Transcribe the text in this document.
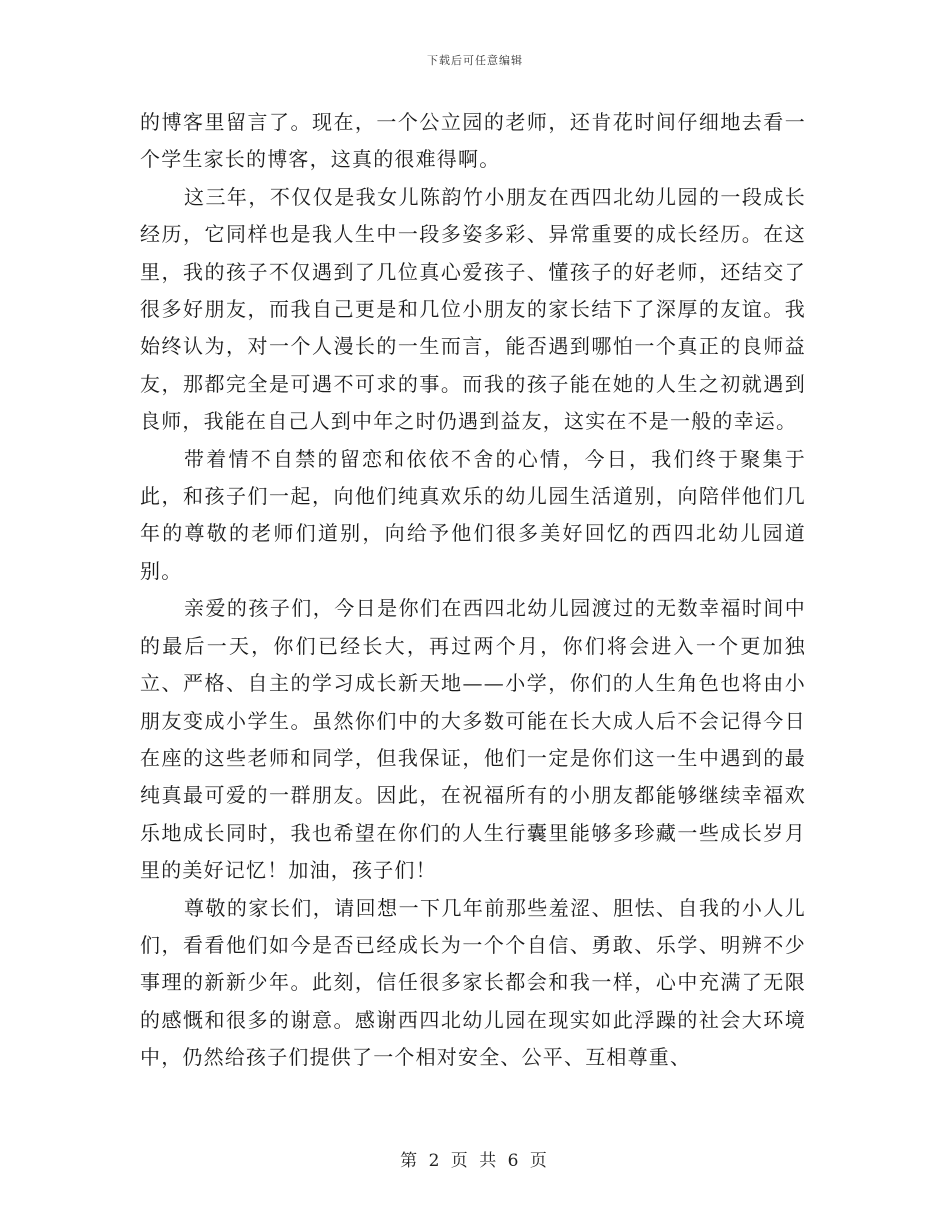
下载后可任意编辑

的博客里留言了。现在，一个公立园的老师，还肯花时间仔细地去看一个学生家长的博客，这真的很难得啊。

这三年，不仅仅是我女儿陈韵竹小朋友在西四北幼儿园的一段成长经历，它同样也是我人生中一段多姿多彩、异常重要的成长经历。在这里，我的孩子不仅遇到了几位真心爱孩子、懂孩子的好老师，还结交了很多好朋友，而我自己更是和几位小朋友的家长结下了深厚的友谊。我始终认为，对一个人漫长的一生而言，能否遇到哪怕一个真正的良师益友，那都完全是可遇不可求的事。而我的孩子能在她的人生之初就遇到良师，我能在自己人到中年之时仍遇到益友，这实在不是一般的幸运。

带着情不自禁的留恋和依依不舍的心情，今日，我们终于聚集于此，和孩子们一起，向他们纯真欢乐的幼儿园生活道别，向陪伴他们几年的尊敬的老师们道别，向给予他们很多美好回忆的西四北幼儿园道别。

亲爱的孩子们，今日是你们在西四北幼儿园渡过的无数幸福时间中的最后一天，你们已经长大，再过两个月，你们将会进入一个更加独立、严格、自主的学习成长新天地——小学，你们的人生角色也将由小朋友变成小学生。虽然你们中的大多数可能在长大成人后不会记得今日在座的这些老师和同学，但我保证，他们一定是你们这一生中遇到的最纯真最可爱的一群朋友。因此，在祝福所有的小朋友都能够继续幸福欢乐地成长同时，我也希望在你们的人生行囊里能够多珍藏一些成长岁月里的美好记忆！加油，孩子们！

尊敬的家长们，请回想一下几年前那些羞涩、胆怯、自我的小人儿们，看看他们如今是否已经成长为一个个自信、勇敢、乐学、明辨不少事理的新新少年。此刻，信任很多家长都会和我一样，心中充满了无限的感慨和很多的谢意。感谢西四北幼儿园在现实如此浮躁的社会大环境中，仍然给孩子们提供了一个相对安全、公平、互相尊重、

第 2 页 共 6 页
